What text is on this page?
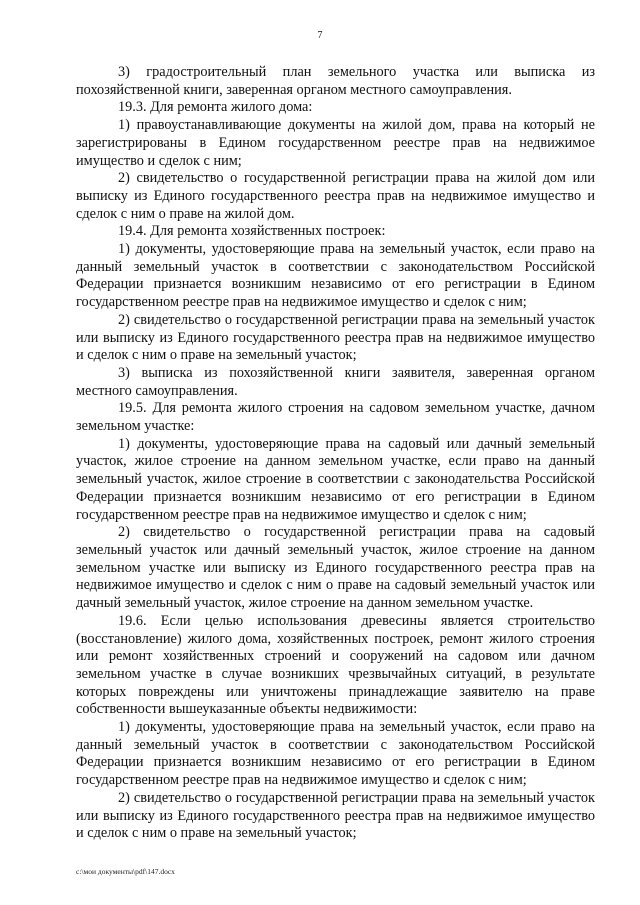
7

3) градостроительный план земельного участка или выписка из похозяйственной книги, заверенная органом местного самоуправления.

19.3. Для ремонта жилого дома:

1) правоустанавливающие документы на жилой дом, права на который не зарегистрированы в Едином государственном реестре прав на недвижимое имущество и сделок с ним;

2) свидетельство о государственной регистрации права на жилой дом или выписку из Единого государственного реестра прав на недвижимое имущество и сделок с ним о праве на жилой дом.

19.4. Для ремонта хозяйственных построек:

1) документы, удостоверяющие права на земельный участок, если право на данный земельный участок в соответствии с законодательством Российской Федерации признается возникшим независимо от его регистрации в Едином государственном реестре прав на недвижимое имущество и сделок с ним;

2) свидетельство о государственной регистрации права на земельный участок или выписку из Единого государственного реестра прав на недвижимое имущество и сделок с ним о праве на земельный участок;

3) выписка из похозяйственной книги заявителя, заверенная органом местного самоуправления.

19.5. Для ремонта жилого строения на садовом земельном участке, дачном земельном участке:

1) документы, удостоверяющие права на садовый или дачный земельный участок, жилое строение на данном земельном участке, если право на данный земельный участок, жилое строение в соответствии с законодательства Российской Федерации признается возникшим независимо от его регистрации в Едином государственном реестре прав на недвижимое имущество и сделок с ним;

2) свидетельство о государственной регистрации права на садовый земельный участок или дачный земельный участок, жилое строение на данном земельном участке или выписку из Единого государственного реестра прав на недвижимое имущество и сделок с ним о праве на садовый земельный участок или дачный земельный участок, жилое строение на данном земельном участке.

19.6. Если целью использования древесины является строительство (восстановление) жилого дома, хозяйственных построек, ремонт жилого строения или ремонт хозяйственных строений и сооружений на садовом или дачном земельном участке в случае возникших чрезвычайных ситуаций, в результате которых повреждены или уничтожены принадлежащие заявителю на праве собственности вышеуказанные объекты недвижимости:

1) документы, удостоверяющие права на земельный участок, если право на данный земельный участок в соответствии с законодательством Российской Федерации признается возникшим независимо от его регистрации в Едином государственном реестре прав на недвижимое имущество и сделок с ним;

2) свидетельство о государственной регистрации права на земельный участок или выписку из Единого государственного реестра прав на недвижимое имущество и сделок с ним о праве на земельный участок;

c:\мои документы\pdf\147.docx
